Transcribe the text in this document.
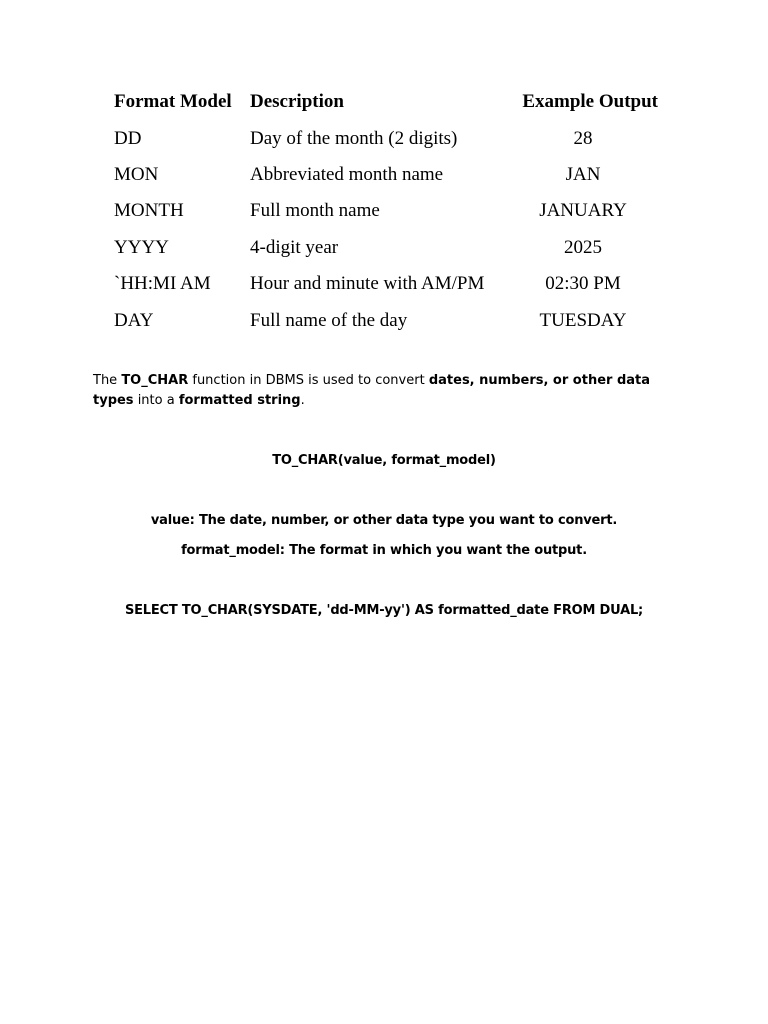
Format Model	Description	Example Output
DD	Day of the month (2 digits)	28
MON	Abbreviated month name	JAN
MONTH	Full month name	JANUARY
YYYY	4-digit year	2025
`HH:MI AM	Hour and minute with AM/PM	02:30 PM
DAY	Full name of the day	TUESDAY

The TO_CHAR function in DBMS is used to convert dates, numbers, or other data types into a formatted string.

TO_CHAR(value, format_model)
value: The date, number, or other data type you want to convert.
format_model: The format in which you want the output.
SELECT TO_CHAR(SYSDATE, 'dd-MM-yy') AS formatted_date FROM DUAL;
